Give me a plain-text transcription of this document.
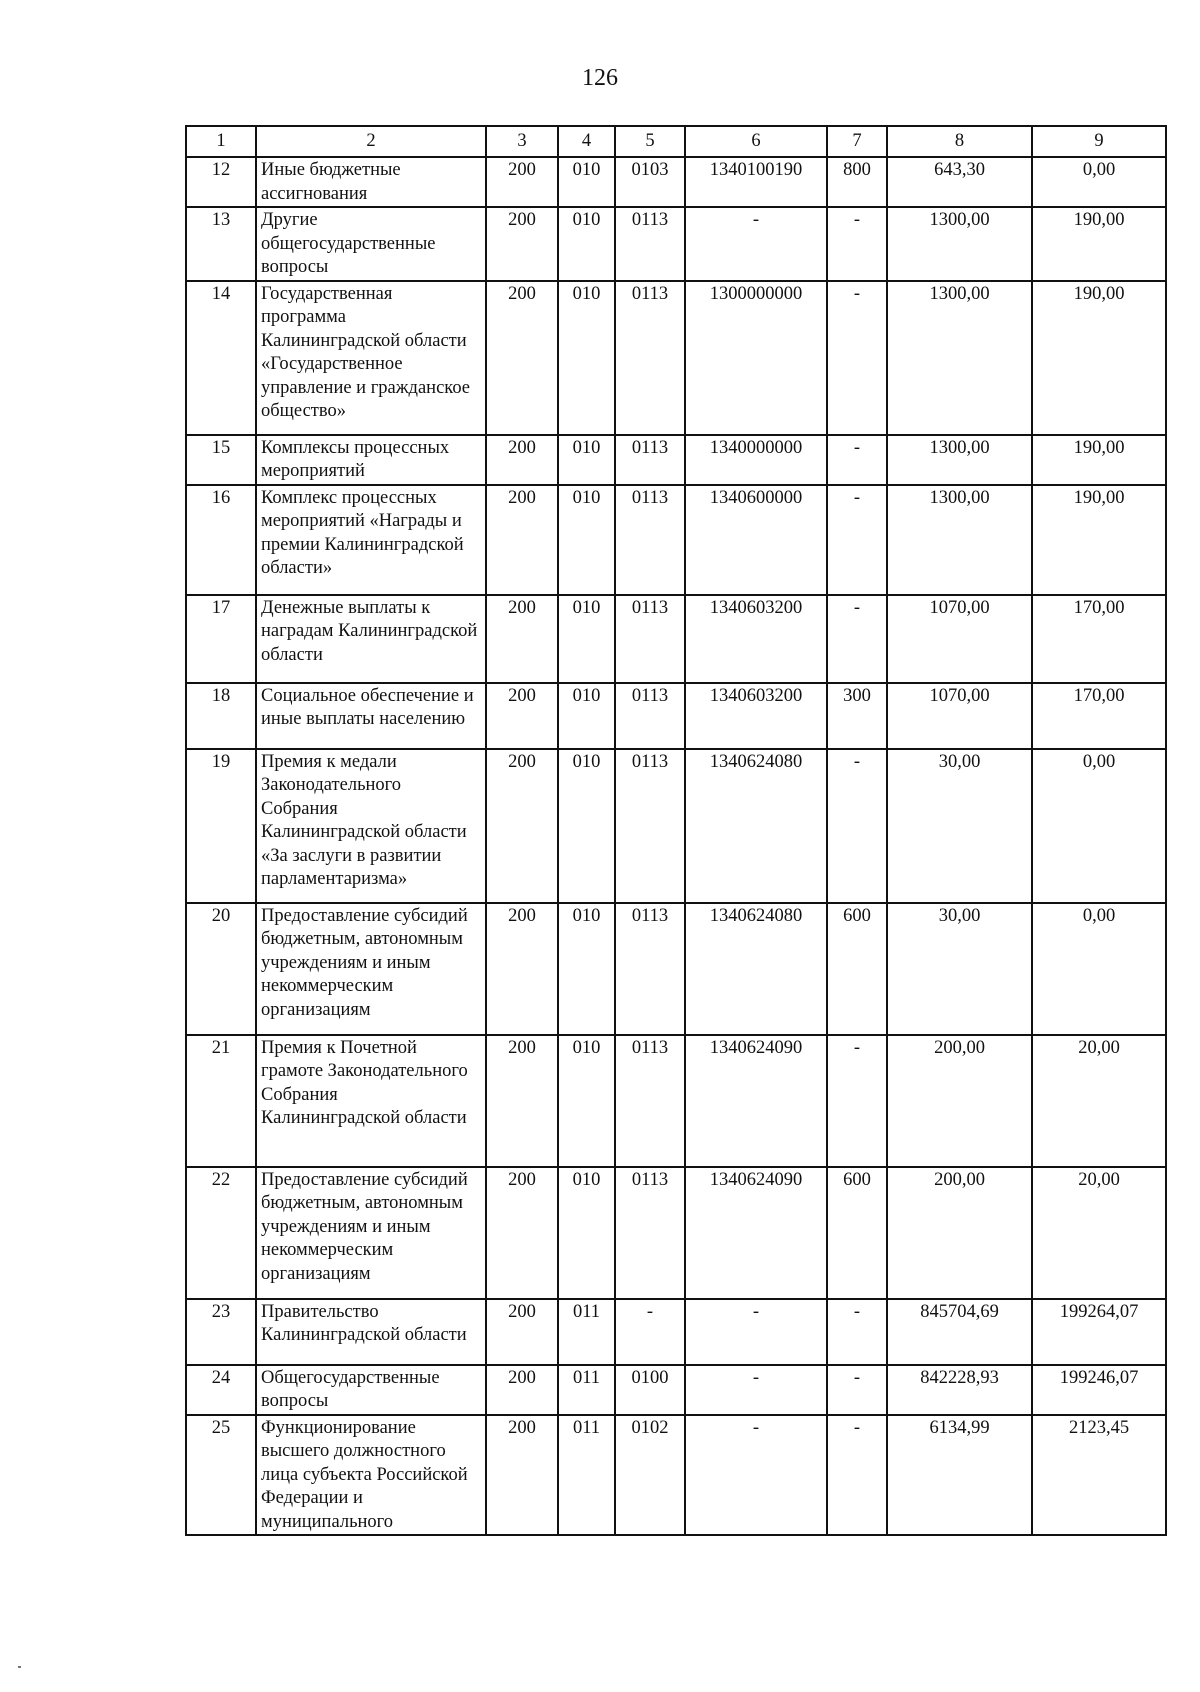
126
1	2	3	4	5	6	7	8	9
12	Иные бюджетные ассигнования	200	010	0103	1340100190	800	643,30	0,00
13	Другие общегосударственные вопросы	200	010	0113	-	-	1300,00	190,00
14	Государственная программа Калининградской области «Государственное управление и гражданское общество»	200	010	0113	1300000000	-	1300,00	190,00
15	Комплексы процессных мероприятий	200	010	0113	1340000000	-	1300,00	190,00
16	Комплекс процессных мероприятий «Награды и премии Калининградской области»	200	010	0113	1340600000	-	1300,00	190,00
17	Денежные выплаты к наградам Калининградской области	200	010	0113	1340603200	-	1070,00	170,00
18	Социальное обеспечение и иные выплаты населению	200	010	0113	1340603200	300	1070,00	170,00
19	Премия к медали Законодательного Собрания Калининградской области «За заслуги в развитии парламентаризма»	200	010	0113	1340624080	-	30,00	0,00
20	Предоставление субсидий бюджетным, автономным учреждениям и иным некоммерческим организациям	200	010	0113	1340624080	600	30,00	0,00
21	Премия к Почетной грамоте Законодательного Собрания Калининградской области	200	010	0113	1340624090	-	200,00	20,00
22	Предоставление субсидий бюджетным, автономным учреждениям и иным некоммерческим организациям	200	010	0113	1340624090	600	200,00	20,00
23	Правительство Калининградской области	200	011	-	-	-	845704,69	199264,07
24	Общегосударственные вопросы	200	011	0100	-	-	842228,93	199246,07
25	Функционирование высшего должностного лица субъекта Российской Федерации и муниципального	200	011	0102	-	-	6134,99	2123,45
